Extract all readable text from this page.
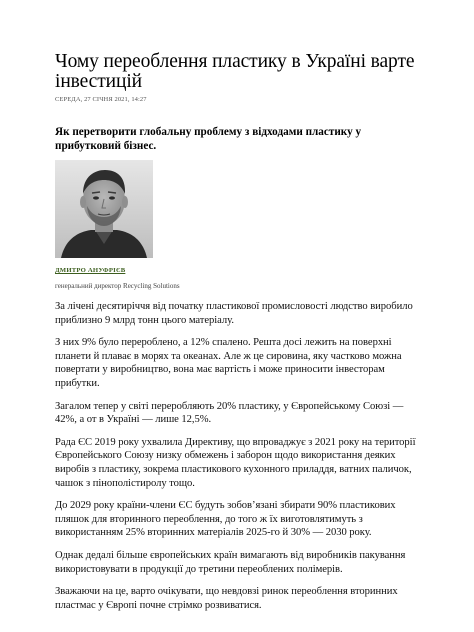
Чому переоблення пластику в Україні варте інвестицій
СЕРЕДА, 27 СІЧНЯ 2021, 14:27
Як перетворити глобальну проблему з відходами пластику у прибутковий бізнес.
ДМИТРО АНУФРІЄВ
генеральний директор Recycling Solutions

За лічені десятиріччя від початку пластикової промисловості людство виробило приблизно 9 млрд тонн цього матеріалу.

З них 9% було перероблено, а 12% спалено. Решта досі лежить на поверхні планети й плаває в морях та океанах. Але ж це сировина, яку частково можна повертати у виробництво, вона має вартість і може приносити інвесторам прибутки.

Загалом тепер у світі переробляють 20% пластику, у Європейському Союзі — 42%, а от в Україні — лише 12,5%.

Рада ЄС 2019 року ухвалила Директиву, що впроваджує з 2021 року на території Європейського Союзу низку обмежень і заборон щодо використання деяких виробів з пластику, зокрема пластикового кухонного приладдя, ватних паличок, чашок з пінополістиролу тощо.

До 2029 року країни-члени ЄС будуть зобов’язані збирати 90% пластикових пляшок для вторинного переоблення, до того ж їх виготовлятимуть з використанням 25% вторинних матеріалів 2025-го й 30% — 2030 року.

Однак дедалі більше європейських країн вимагають від виробників пакування використовувати в продукції до третини переоблених полімерів.

Зважаючи на це, варто очікувати, що невдовзі ринок переоблення вторинних пластмас у Європі почне стрімко розвиватися.
